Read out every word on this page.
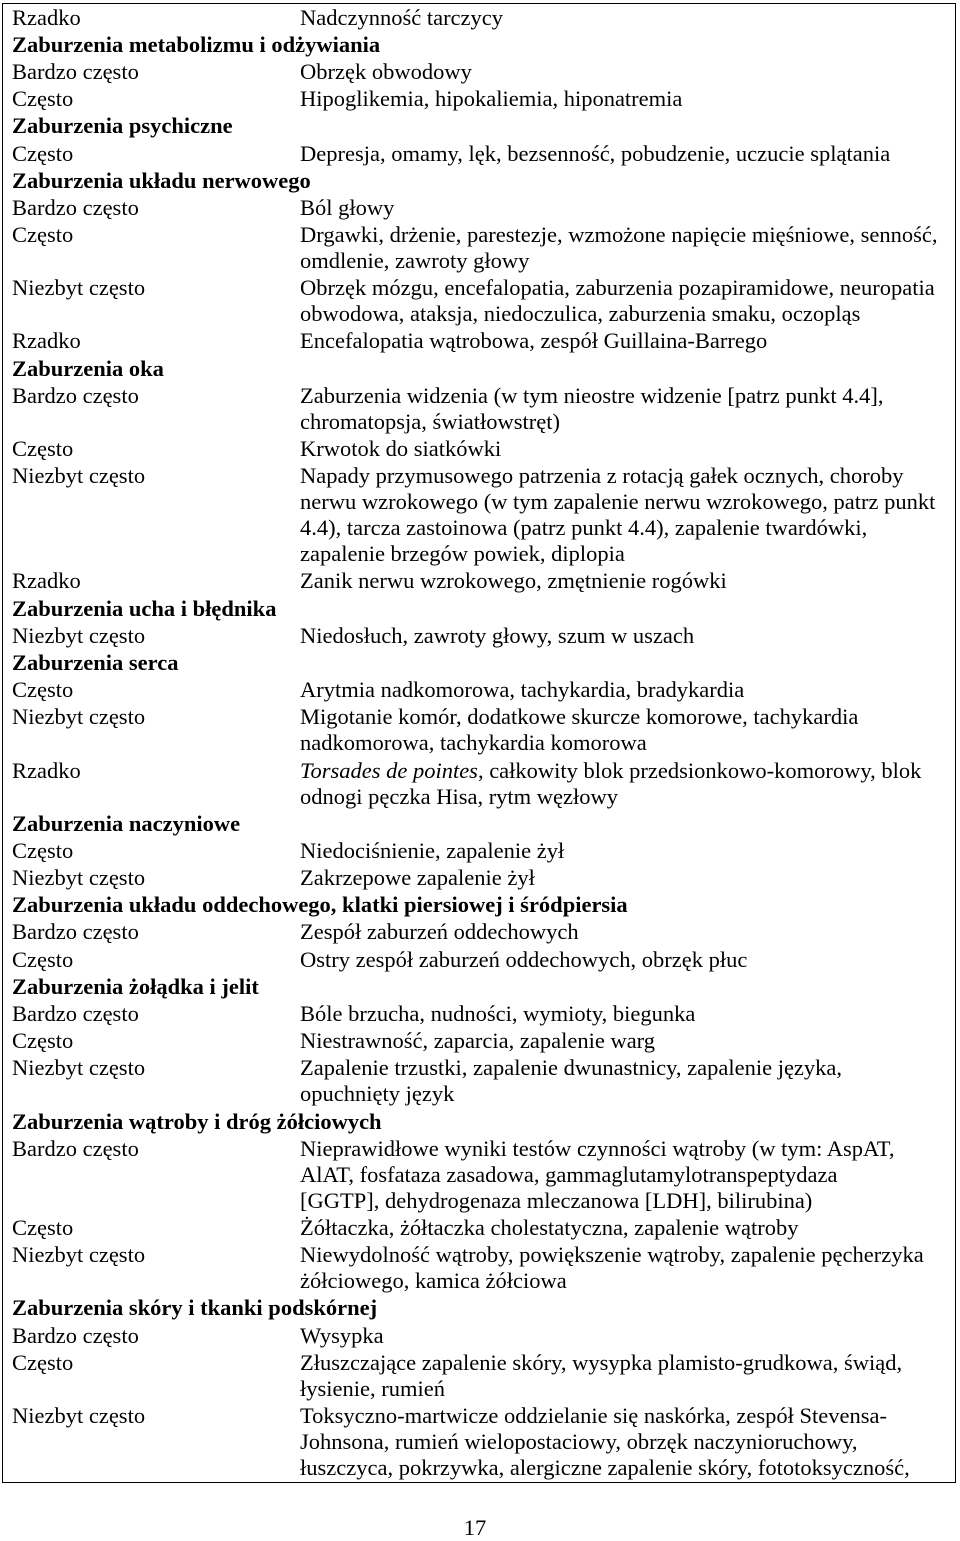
Rzadko	Nadczynność tarczycy
Zaburzenia metabolizmu i odżywiania
Bardzo często	Obrzęk obwodowy
Często	Hipoglikemia, hipokaliemia, hiponatremia
Zaburzenia psychiczne
Często	Depresja, omamy, lęk, bezsenność, pobudzenie, uczucie splątania
Zaburzenia układu nerwowego
Bardzo często	Ból głowy
Często	Drgawki, drżenie, parestezje, wzmożone napięcie mięśniowe, senność,
omdlenie, zawroty głowy
Niezbyt często	Obrzęk mózgu, encefalopatia, zaburzenia pozapiramidowe, neuropatia
obwodowa, ataksja, niedoczulica, zaburzenia smaku, oczopląs
Rzadko	Encefalopatia wątrobowa, zespół Guillaina-Barrego
Zaburzenia oka
Bardzo często	Zaburzenia widzenia (w tym nieostre widzenie [patrz punkt 4.4],
chromatopsja, światłowstręt)
Często	Krwotok do siatkówki
Niezbyt często	Napady przymusowego patrzenia z rotacją gałek ocznych, choroby
nerwu wzrokowego (w tym zapalenie nerwu wzrokowego, patrz punkt
4.4), tarcza zastoinowa (patrz punkt 4.4), zapalenie twardówki,
zapalenie brzegów powiek, diplopia
Rzadko	Zanik nerwu wzrokowego, zmętnienie rogówki
Zaburzenia ucha i błędnika
Niezbyt często	Niedosłuch, zawroty głowy, szum w uszach
Zaburzenia serca
Często	Arytmia nadkomorowa, tachykardia, bradykardia
Niezbyt często	Migotanie komór, dodatkowe skurcze komorowe, tachykardia
nadkomorowa, tachykardia komorowa
Rzadko	Torsades de pointes, całkowity blok przedsionkowo-komorowy, blok
odnogi pęczka Hisa, rytm węzłowy
Zaburzenia naczyniowe
Często	Niedociśnienie, zapalenie żył
Niezbyt często	Zakrzepowe zapalenie żył
Zaburzenia układu oddechowego, klatki piersiowej i śródpiersia
Bardzo często	Zespół zaburzeń oddechowych
Często	Ostry zespół zaburzeń oddechowych, obrzęk płuc
Zaburzenia żołądka i jelit
Bardzo często	Bóle brzucha, nudności, wymioty, biegunka
Często	Niestrawność, zaparcia, zapalenie warg
Niezbyt często	Zapalenie trzustki, zapalenie dwunastnicy, zapalenie języka,
opuchnięty język
Zaburzenia wątroby i dróg żółciowych
Bardzo często	Nieprawidłowe wyniki testów czynności wątroby (w tym: AspAT,
AlAT, fosfataza zasadowa, gammaglutamylotranspeptydaza
[GGTP], dehydrogenaza mleczanowa [LDH], bilirubina)
Często	Żółtaczka, żółtaczka cholestatyczna, zapalenie wątroby
Niezbyt często	Niewydolność wątroby, powiększenie wątroby, zapalenie pęcherzyka
żółciowego, kamica żółciowa
Zaburzenia skóry i tkanki podskórnej
Bardzo często	Wysypka
Często	Złuszczające zapalenie skóry, wysypka plamisto-grudkowa, świąd,
łysienie, rumień
Niezbyt często	Toksyczno-martwicze oddzielanie się naskórka, zespół Stevensa-
Johnsona, rumień wielopostaciowy, obrzęk naczynioruchowy,
łuszczyca, pokrzywka, alergiczne zapalenie skóry, fototoksyczność,
17
